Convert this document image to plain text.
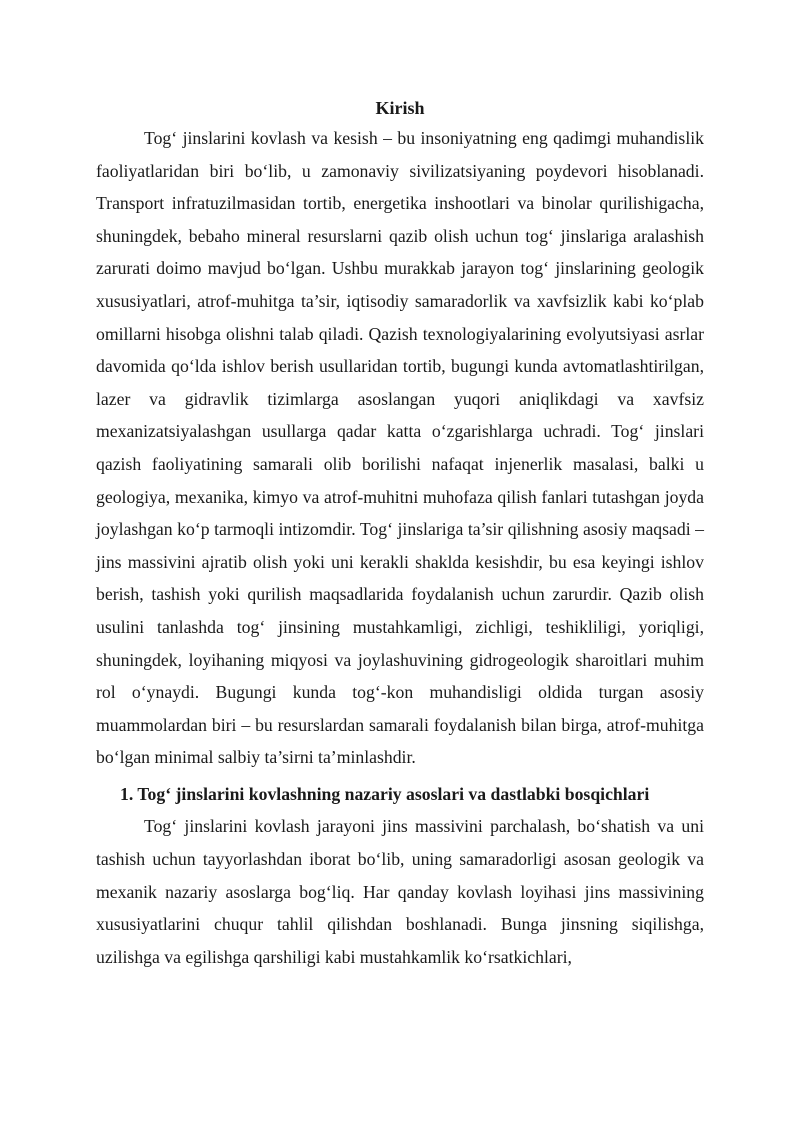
Kirish

Tog‘ jinslarini kovlash va kesish – bu insoniyatning eng qadimgi muhandislik faoliyatlaridan biri bo‘lib, u zamonaviy sivilizatsiyaning poydevori hisoblanadi. Transport infratuzilmasidan tortib, energetika inshootlari va binolar qurilishigacha, shuningdek, bebaho mineral resurslarni qazib olish uchun tog‘ jinslariga aralashish zarurati doimo mavjud bo‘lgan. Ushbu murakkab jarayon tog‘ jinslarining geologik xususiyatlari, atrof-muhitga ta’sir, iqtisodiy samaradorlik va xavfsizlik kabi ko‘plab omillarni hisobga olishni talab qiladi. Qazish texnologiyalarining evolyutsiyasi asrlar davomida qo‘lda ishlov berish usullaridan tortib, bugungi kunda avtomatlashtirilgan, lazer va gidravlik tizimlarga asoslangan yuqori aniqlikdagi va xavfsiz mexanizatsiyalashgan usullarga qadar katta o‘zgarishlarga uchradi. Tog‘ jinslari qazish faoliyatining samarali olib borilishi nafaqat injenerlik masalasi, balki u geologiya, mexanika, kimyo va atrof-muhitni muhofaza qilish fanlari tutashgan joyda joylashgan ko‘p tarmoqli intizomdir. Tog‘ jinslariga ta’sir qilishning asosiy maqsadi – jins massivini ajratib olish yoki uni kerakli shaklda kesishdir, bu esa keyingi ishlov berish, tashish yoki qurilish maqsadlarida foydalanish uchun zarurdir. Qazib olish usulini tanlashda tog‘ jinsining mustahkamligi, zichligi, teshikliligi, yoriqligi, shuningdek, loyihaning miqyosi va joylashuvining gidrogeologik sharoitlari muhim rol o‘ynaydi. Bugungi kunda tog‘-kon muhandisligi oldida turgan asosiy muammolardan biri – bu resurslardan samarali foydalanish bilan birga, atrof-muhitga bo‘lgan minimal salbiy ta’sirni ta’minlashdir.

1. Tog‘ jinslarini kovlashning nazariy asoslari va dastlabki bosqichlari

Tog‘ jinslarini kovlash jarayoni jins massivini parchalash, bo‘shatish va uni tashish uchun tayyorlashdan iborat bo‘lib, uning samaradorligi asosan geologik va mexanik nazariy asoslarga bog‘liq. Har qanday kovlash loyihasi jins massivining xususiyatlarini chuqur tahlil qilishdan boshlanadi. Bunga jinsning siqilishga, uzilishga va egilishga qarshiligi kabi mustahkamlik ko‘rsatkichlari,
